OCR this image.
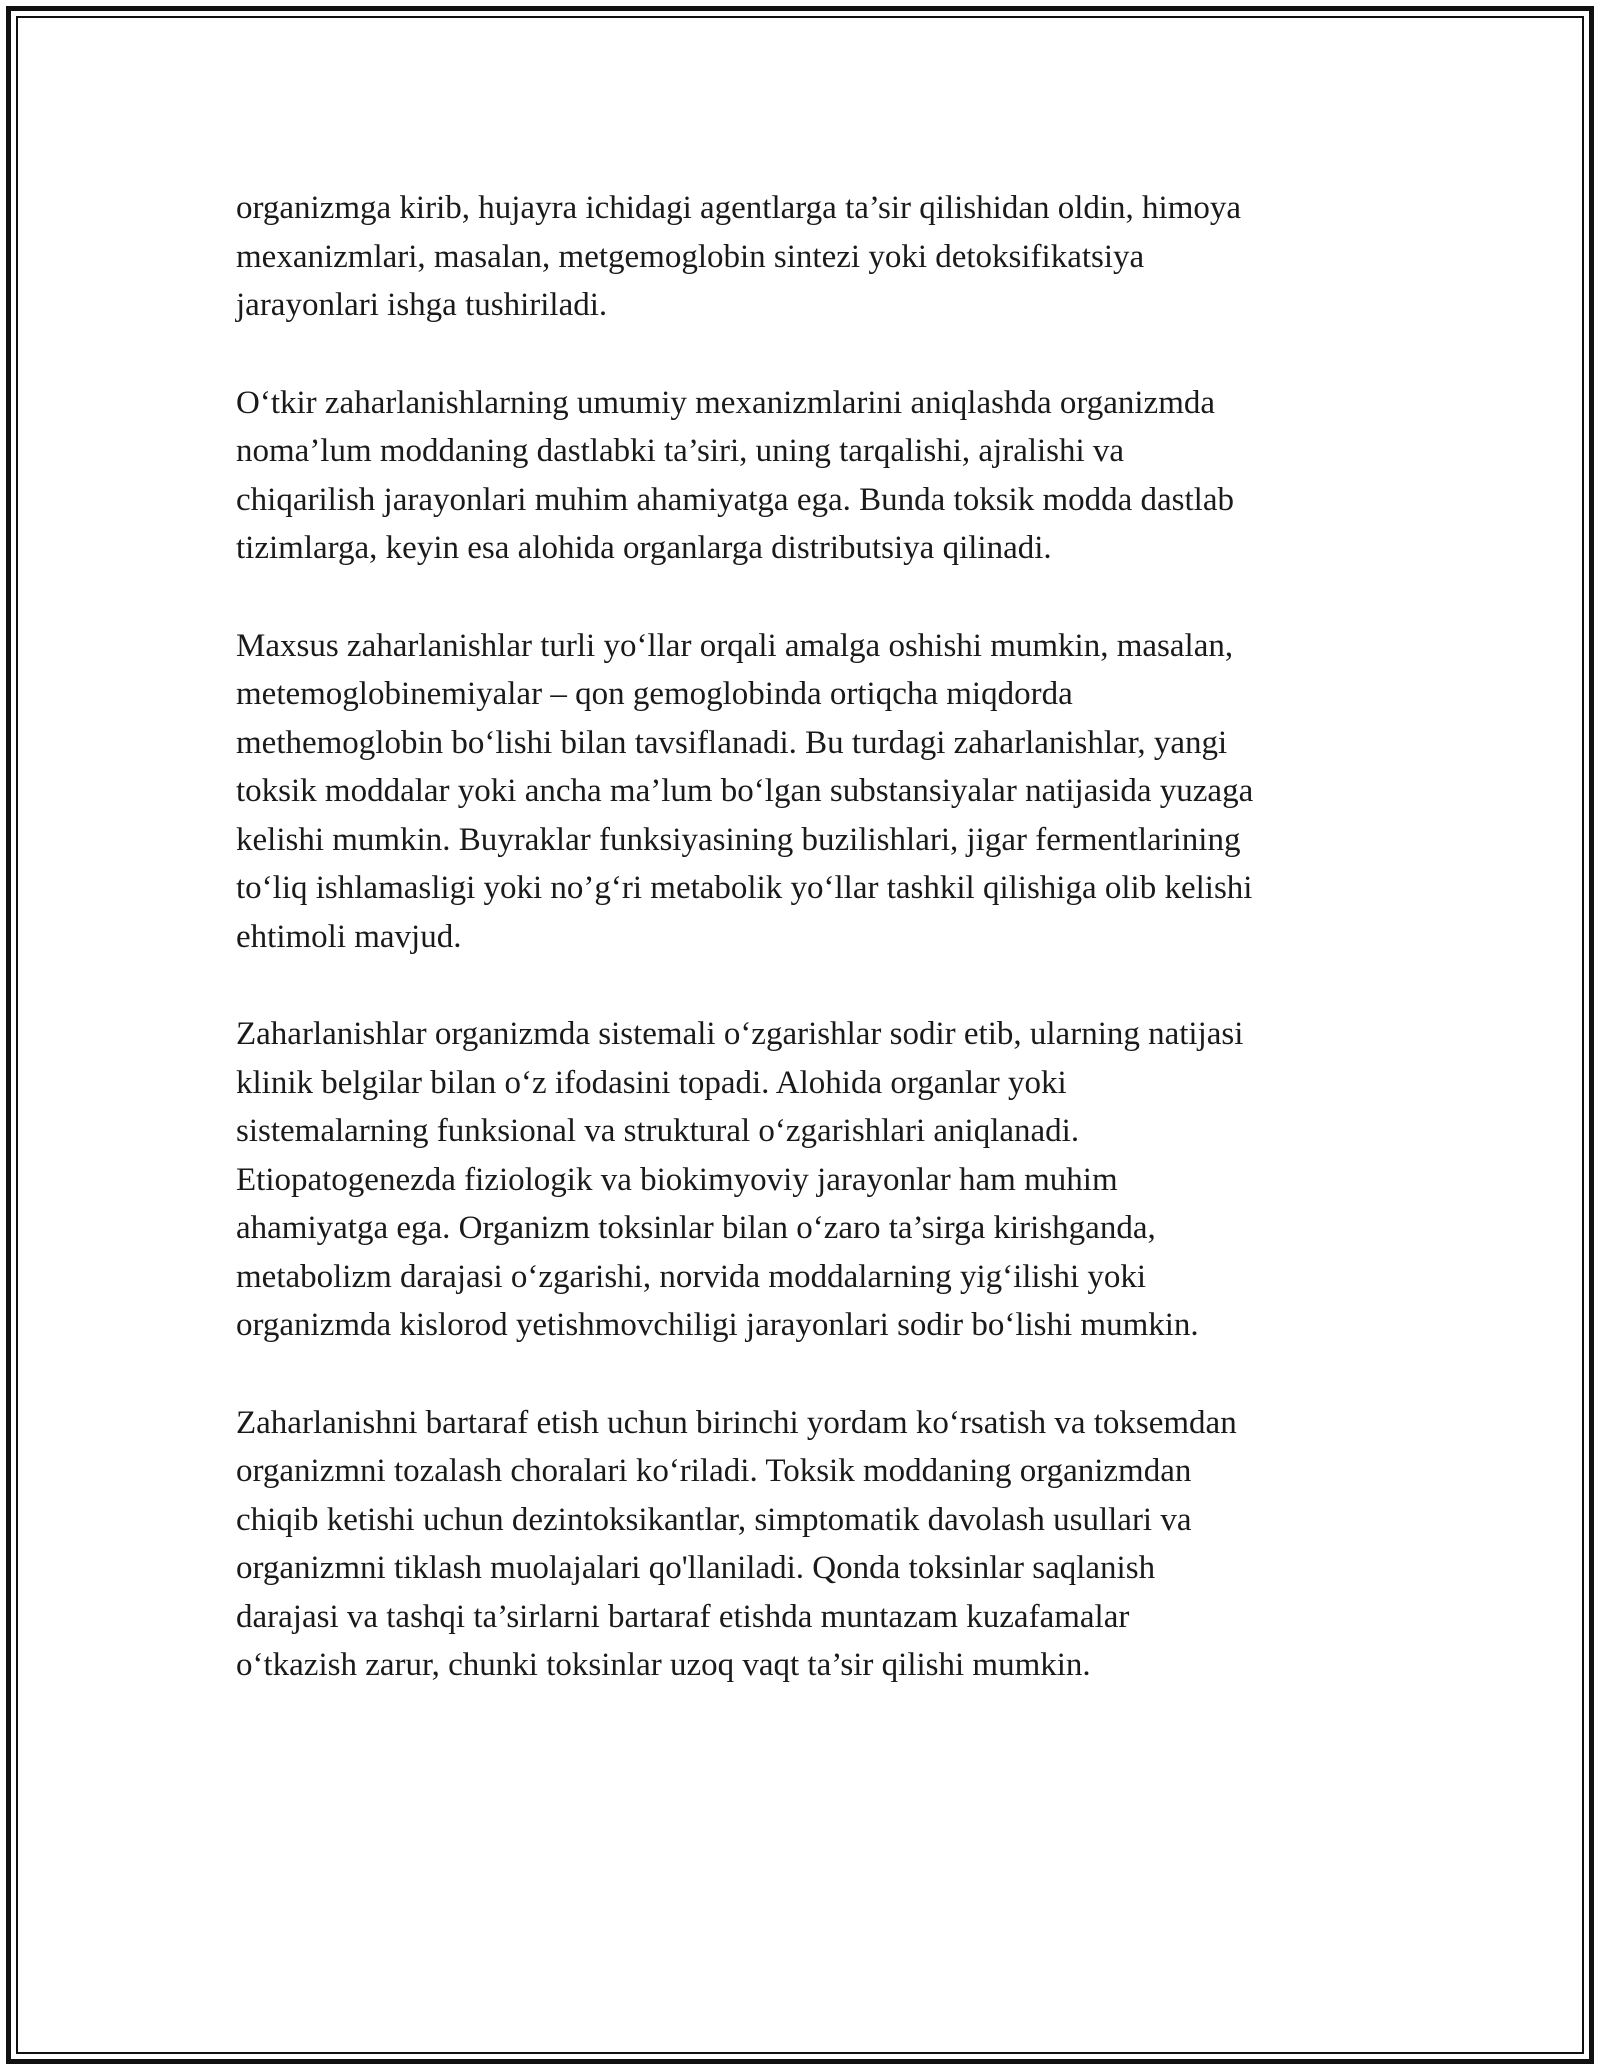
organizmga kirib, hujayra ichidagi agentlarga ta’sir qilishidan oldin, himoya
mexanizmlari, masalan, metgemoglobin sintezi yoki detoksifikatsiya
jarayonlari ishga tushiriladi.

O‘tkir zaharlanishlarning umumiy mexanizmlarini aniqlashda organizmda
noma’lum moddaning dastlabki ta’siri, uning tarqalishi, ajralishi va
chiqarilish jarayonlari muhim ahamiyatga ega. Bunda toksik modda dastlab
tizimlarga, keyin esa alohida organlarga distributsiya qilinadi.

Maxsus zaharlanishlar turli yo‘llar orqali amalga oshishi mumkin, masalan,
metemoglobinemiyalar – qon gemoglobinda ortiqcha miqdorda
methemoglobin bo‘lishi bilan tavsiflanadi. Bu turdagi zaharlanishlar, yangi
toksik moddalar yoki ancha ma’lum bo‘lgan substansiyalar natijasida yuzaga
kelishi mumkin. Buyraklar funksiyasining buzilishlari, jigar fermentlarining
to‘liq ishlamasligi yoki no’g‘ri metabolik yo‘llar tashkil qilishiga olib kelishi
ehtimoli mavjud.

Zaharlanishlar organizmda sistemali o‘zgarishlar sodir etib, ularning natijasi
klinik belgilar bilan o‘z ifodasini topadi. Alohida organlar yoki
sistemalarning funksional va struktural o‘zgarishlari aniqlanadi.
Etiopatogenezda fiziologik va biokimyoviy jarayonlar ham muhim
ahamiyatga ega. Organizm toksinlar bilan o‘zaro ta’sirga kirishganda,
metabolizm darajasi o‘zgarishi, norvida moddalarning yig‘ilishi yoki
organizmda kislorod yetishmovchiligi jarayonlari sodir bo‘lishi mumkin.

Zaharlanishni bartaraf etish uchun birinchi yordam ko‘rsatish va toksemdan
organizmni tozalash choralari ko‘riladi. Toksik moddaning organizmdan
chiqib ketishi uchun dezintoksikantlar, simptomatik davolash usullari va
organizmni tiklash muolajalari qo'llaniladi. Qonda toksinlar saqlanish
darajasi va tashqi ta’sirlarni bartaraf etishda muntazam kuzafamalar
o‘tkazish zarur, chunki toksinlar uzoq vaqt ta’sir qilishi mumkin.
